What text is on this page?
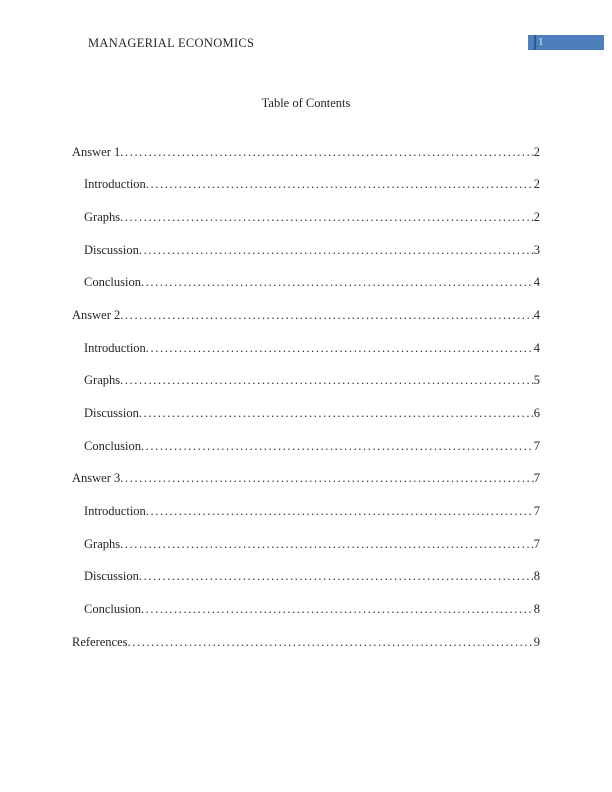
MANAGERIAL ECONOMICS	1
Table of Contents
Answer 1 .....	2
Introduction .....	2
Graphs .....	2
Discussion .....	3
Conclusion .....	4
Answer 2 .....	4
Introduction .....	4
Graphs .....	5
Discussion .....	6
Conclusion .....	7
Answer 3 .....	7
Introduction .....	7
Graphs .....	7
Discussion .....	8
Conclusion .....	8
References .....	9
